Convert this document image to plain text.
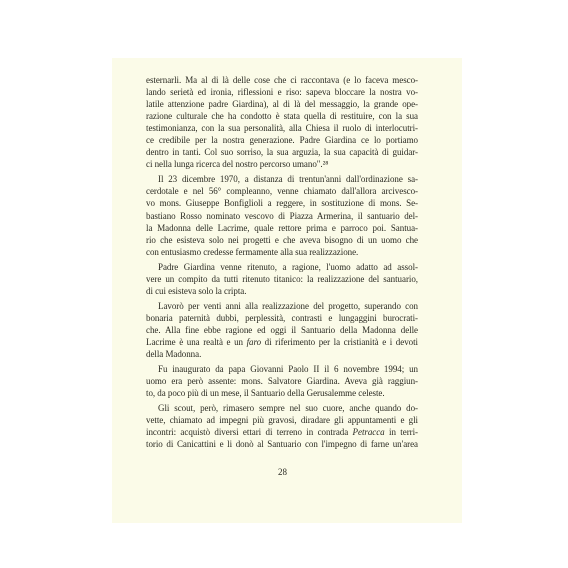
esternarli. Ma al di là delle cose che ci raccontava (e lo faceva mesco-
lando serietà ed ironia, riflessioni e riso: sapeva bloccare la nostra vo-
latile attenzione padre Giardina), al di là del messaggio, la grande ope-
razione culturale che ha condotto è stata quella di restituire, con la sua
testimonianza, con la sua personalità, alla Chiesa il ruolo di interlocutri-
ce credibile per la nostra generazione. Padre Giardina ce lo portiamo
dentro in tanti. Col suo sorriso, la sua arguzia, la sua capacità di guidar-
ci nella lunga ricerca del nostro percorso umano".²⁸
Il 23 dicembre 1970, a distanza di trentun'anni dall'ordinazione sa-
cerdotale e nel 56° compleanno, venne chiamato dall'allora arcivesco-
vo mons. Giuseppe Bonfiglioli a reggere, in sostituzione di mons. Se-
bastiano Rosso nominato vescovo di Piazza Armerina, il santuario del-
la Madonna delle Lacrime, quale rettore prima e parroco poi. Santua-
rio che esisteva solo nei progetti e che aveva bisogno di un uomo che
con entusiasmo credesse fermamente alla sua realizzazione.
Padre Giardina venne ritenuto, a ragione, l'uomo adatto ad assol-
vere un compito da tutti ritenuto titanico: la realizzazione del santuario,
di cui esisteva solo la cripta.
Lavorò per venti anni alla realizzazione del progetto, superando con
bonaria paternità dubbi, perplessità, contrasti e lungaggini burocrati-
che. Alla fine ebbe ragione ed oggi il Santuario della Madonna delle
Lacrime è una realtà e un faro di riferimento per la cristianità e i devoti
della Madonna.
Fu inaugurato da papa Giovanni Paolo II il 6 novembre 1994; un
uomo era però assente: mons. Salvatore Giardina. Aveva già raggiun-
to, da poco più di un mese, il Santuario della Gerusalemme celeste.
Gli scout, però, rimasero sempre nel suo cuore, anche quando do-
vette, chiamato ad impegni più gravosi, diradare gli appuntamenti e gli
incontri: acquistò diversi ettari di terreno in contrada Petracca in terri-
torio di Canicattini e li donò al Santuario con l'impegno di farne un'area
28
